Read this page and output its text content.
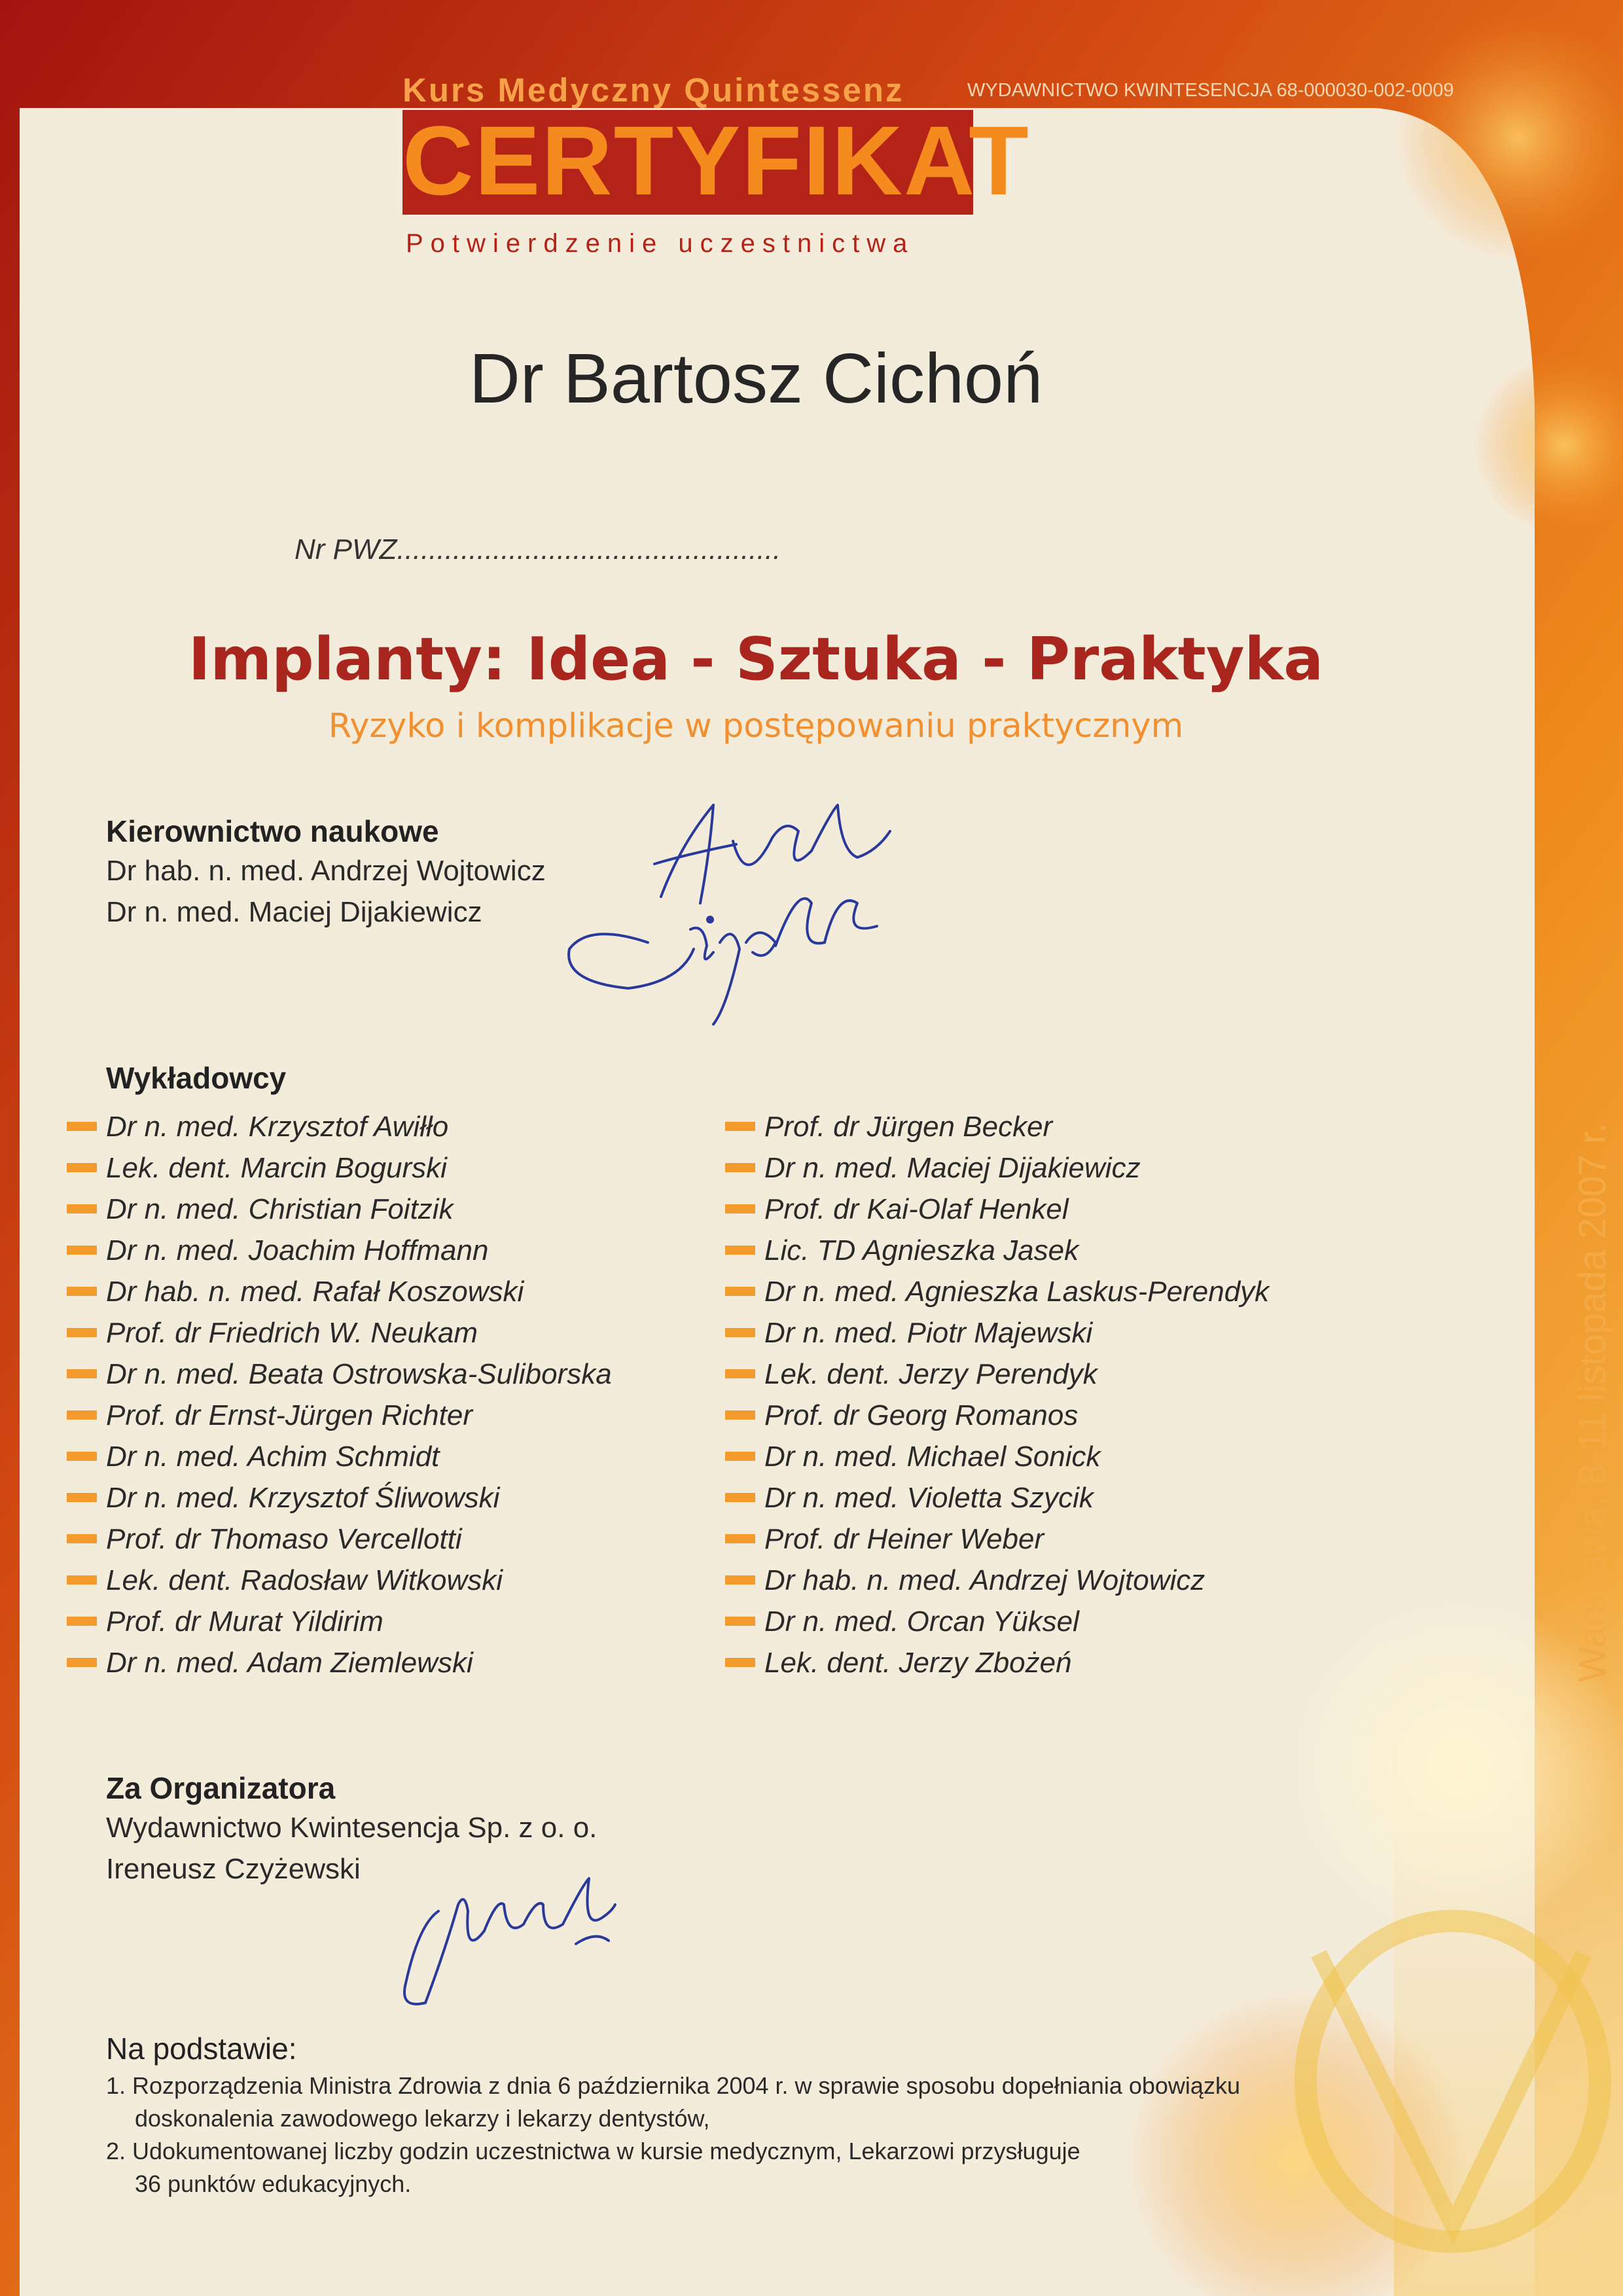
Kurs Medyczny Quintessenz	WYDAWNICTWO KWINTESENCJA 68-000030-002-0009
CERTYFIKAT
Potwierdzenie uczestnictwa
Dr Bartosz Cichoń
Nr PWZ................................................
Implanty: Idea - Sztuka - Praktyka
Ryzyko i komplikacje w postępowaniu praktycznym
Kierownictwo naukowe
Dr hab. n. med. Andrzej Wojtowicz
Dr n. med. Maciej Dijakiewicz
Wykładowcy
Dr n. med. Krzysztof Awiłło
Lek. dent. Marcin Bogurski
Dr n. med. Christian Foitzik
Dr n. med. Joachim Hoffmann
Dr hab. n. med. Rafał Koszowski
Prof. dr Friedrich W. Neukam
Dr n. med. Beata Ostrowska-Suliborska
Prof. dr Ernst-Jürgen Richter
Dr n. med. Achim Schmidt
Dr n. med. Krzysztof Śliwowski
Prof. dr Thomaso Vercellotti
Lek. dent. Radosław Witkowski
Prof. dr Murat Yildirim
Dr n. med. Adam Ziemlewski
Prof. dr Jürgen Becker
Dr n. med. Maciej Dijakiewicz
Prof. dr Kai-Olaf Henkel
Lic. TD Agnieszka Jasek
Dr n. med. Agnieszka Laskus-Perendyk
Dr n. med. Piotr Majewski
Lek. dent. Jerzy Perendyk
Prof. dr Georg Romanos
Dr n. med. Michael Sonick
Dr n. med. Violetta Szycik
Prof. dr Heiner Weber
Dr hab. n. med. Andrzej Wojtowicz
Dr n. med. Orcan Yüksel
Lek. dent. Jerzy Zbożeń
Za Organizatora
Wydawnictwo Kwintesencja Sp. z o. o.
Ireneusz Czyżewski
Na podstawie:
1. Rozporządzenia Ministra Zdrowia z dnia 6 października 2004 r. w sprawie sposobu dopełniania obowiązku
doskonalenia zawodowego lekarzy i lekarzy dentystów,
2. Udokumentowanej liczby godzin uczestnictwa w kursie medycznym, Lekarzowi przysługuje
36 punktów edukacyjnych.
Warszawa, 8-11 listopada 2007 r.
